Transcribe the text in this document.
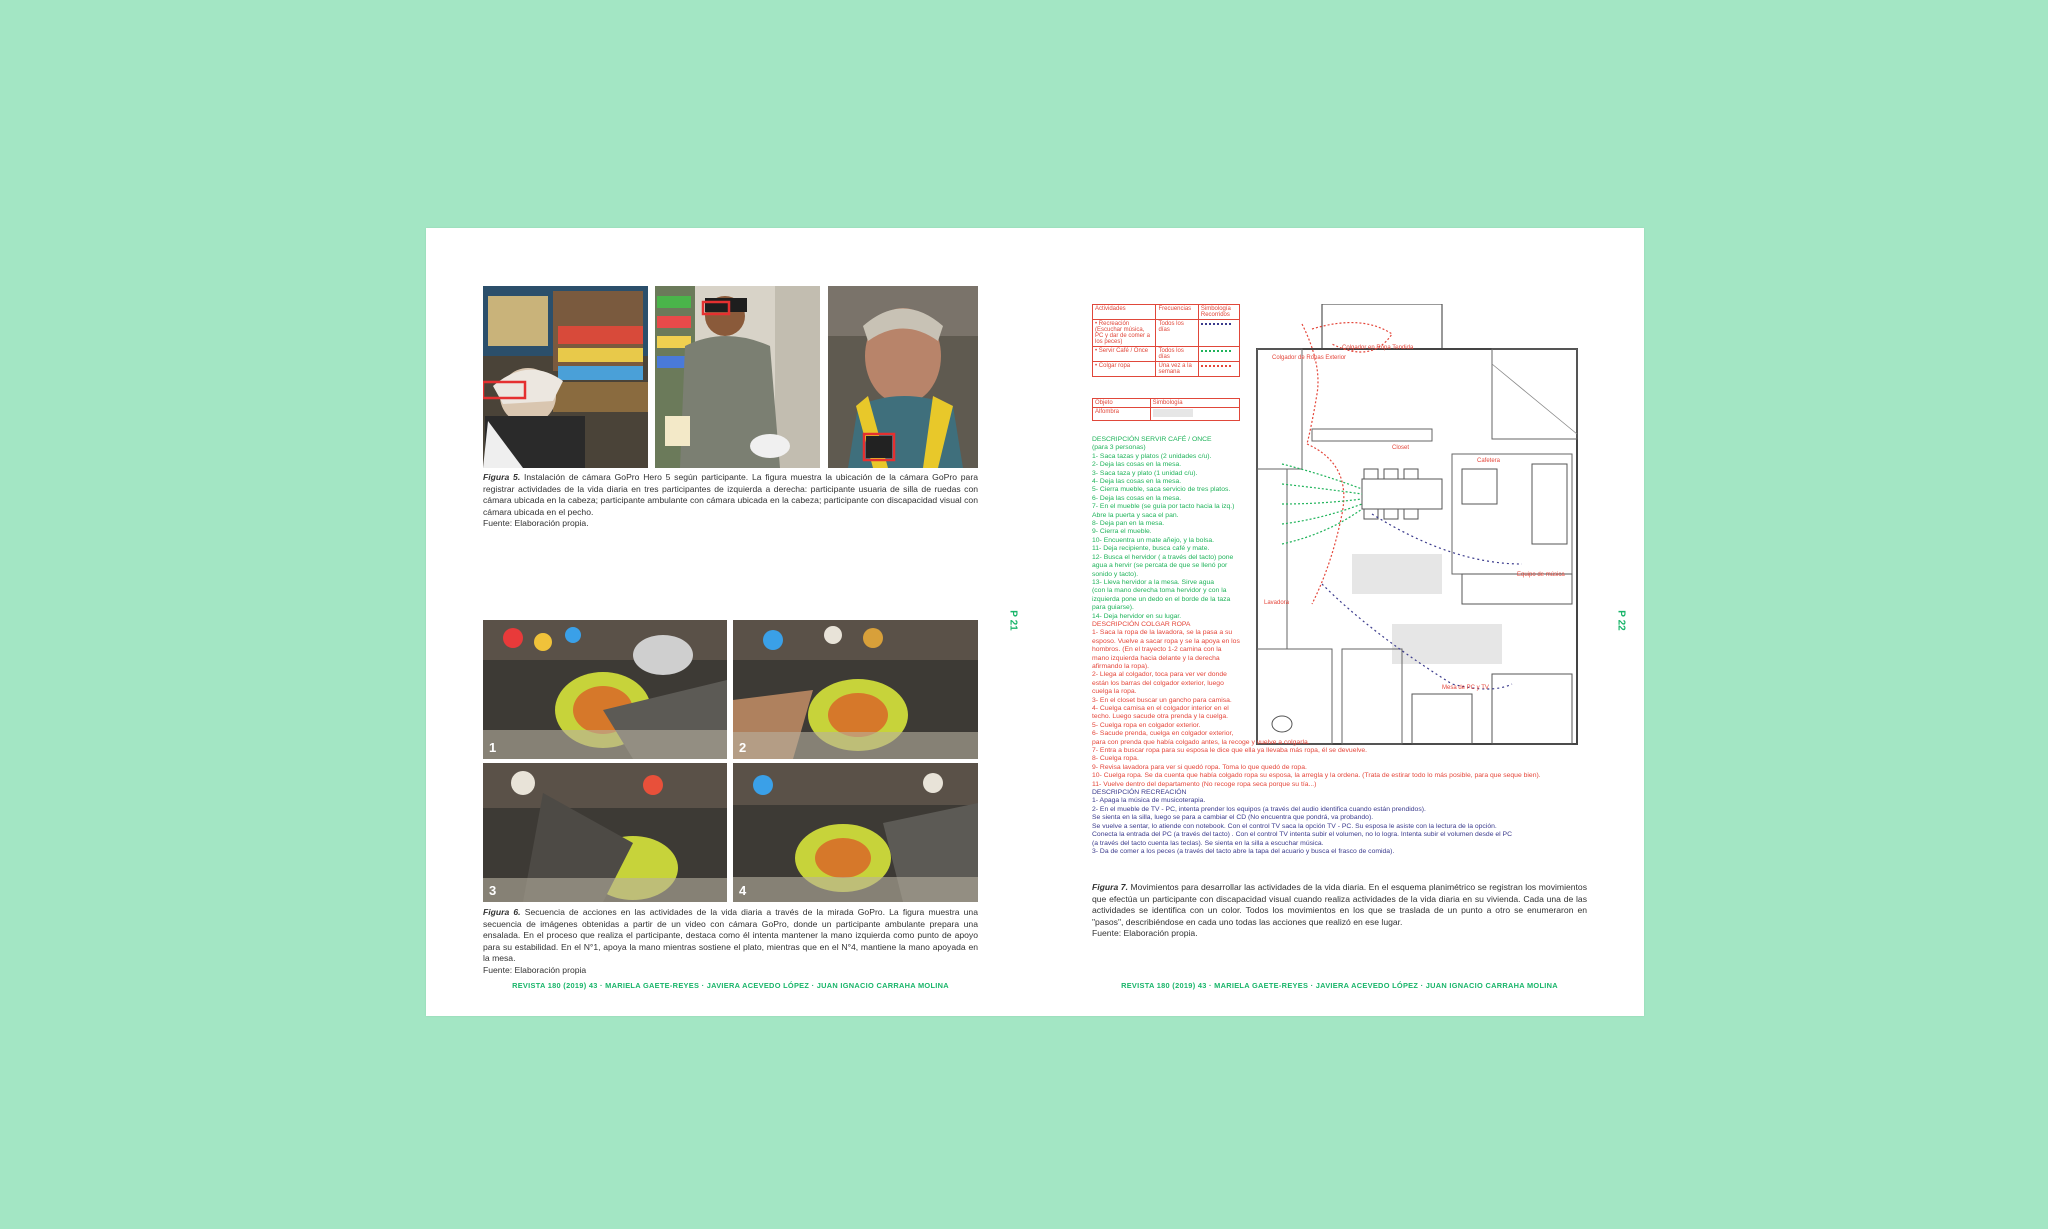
Figura 5. Instalación de cámara GoPro Hero 5 según participante. La figura muestra la ubicación de la cámara GoPro para registrar actividades de la vida diaria en tres participantes de izquierda a derecha: participante usuaria de silla de ruedas con cámara ubicada en la cabeza; participante ambulante con cámara ubicada en la cabeza; participante con discapacidad visual con cámara ubicada en el pecho.
Fuente: Elaboración propia.
1	2
3	4
Figura 6. Secuencia de acciones en las actividades de la vida diaria a través de la mirada GoPro. La figura muestra una secuencia de imágenes obtenidas a partir de un video con cámara GoPro, donde un participante ambulante prepara una ensalada. En el proceso que realiza el participante, destaca como él intenta mantener la mano izquierda como punto de apoyo para su estabilidad. En el N°1, apoya la mano mientras sostiene el plato, mientras que en el N°4, mantiene la mano apoyada en la mesa.
Fuente: Elaboración propia
P 21
REVISTA 180 (2019) 43 · MARIELA GAETE-REYES · JAVIERA ACEVEDO LÓPEZ · JUAN IGNACIO CARRAHA MOLINA
Actividades	Frecuencias	Simbología Recorridos
• Recreación (Escuchar música, PC y dar de comer a los peces)	Todos los días	
• Servir Café / Once	Todos los días	
• Colgar ropa	Una vez a la semana	
Objeto	Simbología
Alfombra	
Colgador en Ropa Tendida
Colgador de Ropas Exterior
Closet
Cafetera
Equipo de música
Mesa de PC y TV
Lavadora
DESCRIPCIÓN SERVIR CAFÉ / ONCE
(para 3 personas)
1- Saca tazas y platos (2 unidades c/u).
2- Deja las cosas en la mesa.
3- Saca taza y plato (1 unidad c/u).
4- Deja las cosas en la mesa.
5- Cierra mueble, saca servicio de tres platos.
6- Deja las cosas en la mesa.
7- En el mueble (se guía por tacto hacia la izq.)
Abre la puerta y saca el pan.
8- Deja pan en la mesa.
9- Cierra el mueble.
10- Encuentra un mate añejo, y la bolsa.
11- Deja recipiente, busca café y mate.
12- Busca el hervidor ( a través del tacto) pone
agua a hervir (se percata de que se llenó por
sonido y tacto).
13- Lleva hervidor a la mesa. Sirve agua
(con la mano derecha toma hervidor y con la
izquierda pone un dedo en el borde de la taza
para guiarse).
14- Deja hervidor en su lugar.
DESCRIPCIÓN COLGAR ROPA
1- Saca la ropa de la lavadora, se la pasa a su
esposo. Vuelve a sacar ropa y se la apoya en los
hombros. (En el trayecto 1-2 camina con la
mano izquierda hacia delante y la derecha
afirmando la ropa).
2- Llega al colgador, toca para ver ver donde
están los barras del colgador exterior, luego
cuelga la ropa.
3- En el closet buscar un gancho para camisa.
4- Cuelga camisa en el colgador interior en el
techo. Luego sacude otra prenda y la cuelga.
5- Cuelga ropa en colgador exterior.
6- Sacude prenda, cuelga en colgador exterior,
para con prenda que había colgado antes, la recoge y vuelve a colgarla.
7- Entra a buscar ropa para su esposa le dice que ella ya llevaba más ropa, él se devuelve.
8- Cuelga ropa.
9- Revisa lavadora para ver si quedó ropa. Toma lo que quedó de ropa.
10- Cuelga ropa. Se da cuenta que había colgado ropa su esposa, la arregla y la ordena. (Trata de estirar todo lo más posible, para que seque bien).
11- Vuelve dentro del departamento (No recoge ropa seca porque su tía...)
DESCRIPCIÓN RECREACIÓN
1- Apaga la música de musicoterapia.
2- En el mueble de TV - PC, intenta prender los equipos (a través del audio identifica cuando están prendidos).
Se sienta en la silla, luego se para a cambiar el CD (No encuentra que pondrá, va probando).
Se vuelve a sentar, lo atiende con notebook. Con el control TV saca la opción TV - PC. Su esposa le asiste con la lectura de la opción.
Conecta la entrada del PC (a través del tacto) . Con el control TV intenta subir el volumen, no lo logra. Intenta subir el volumen desde el PC
(a través del tacto cuenta las teclas). Se sienta en la silla a escuchar música.
3- Da de comer a los peces (a través del tacto abre la tapa del acuario y busca el frasco de comida).
Figura 7. Movimientos para desarrollar las actividades de la vida diaria. En el esquema planimétrico se registran los movimientos que efectúa un participante con discapacidad visual cuando realiza actividades de la vida diaria en su vivienda. Cada una de las actividades se identifica con un color. Todos los movimientos en los que se traslada de un punto a otro se enumeraron en "pasos", describiéndose en cada uno todas las acciones que realizó en ese lugar.
Fuente: Elaboración propia.
P 22
REVISTA 180 (2019) 43 · MARIELA GAETE-REYES · JAVIERA ACEVEDO LÓPEZ · JUAN IGNACIO CARRAHA MOLINA
